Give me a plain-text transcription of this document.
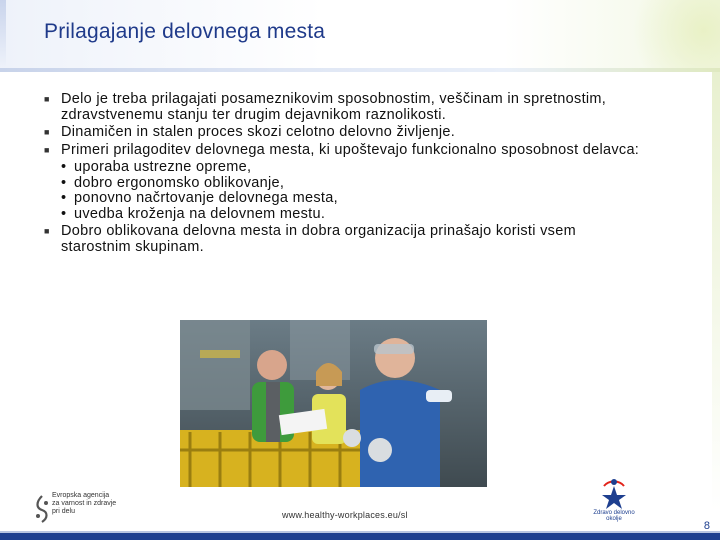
Prilagajanje delovnega mesta
■ Delo je treba prilagajati posameznikovim sposobnostim, veščinam in spretnostim, zdravstvenemu stanju ter drugim dejavnikom raznolikosti.
■ Dinamičen in stalen proces skozi celotno delovno življenje.
■ Primeri prilagoditev delovnega mesta, ki upoštevajo funkcionalno sposobnost delavca:
• uporaba ustrezne opreme,
• dobro ergonomsko oblikovanje,
• ponovno načrtovanje delovnega mesta,
• uvedba kroženja na delovnem mestu.
■ Dobro oblikovana delovna mesta in dobra organizacija prinašajo koristi vsem starostnim skupinam.
Evropska agencija
za varnost in zdravje
pri delu	www.healthy-workplaces.eu/sl	Zdravo delovno okolje
8
